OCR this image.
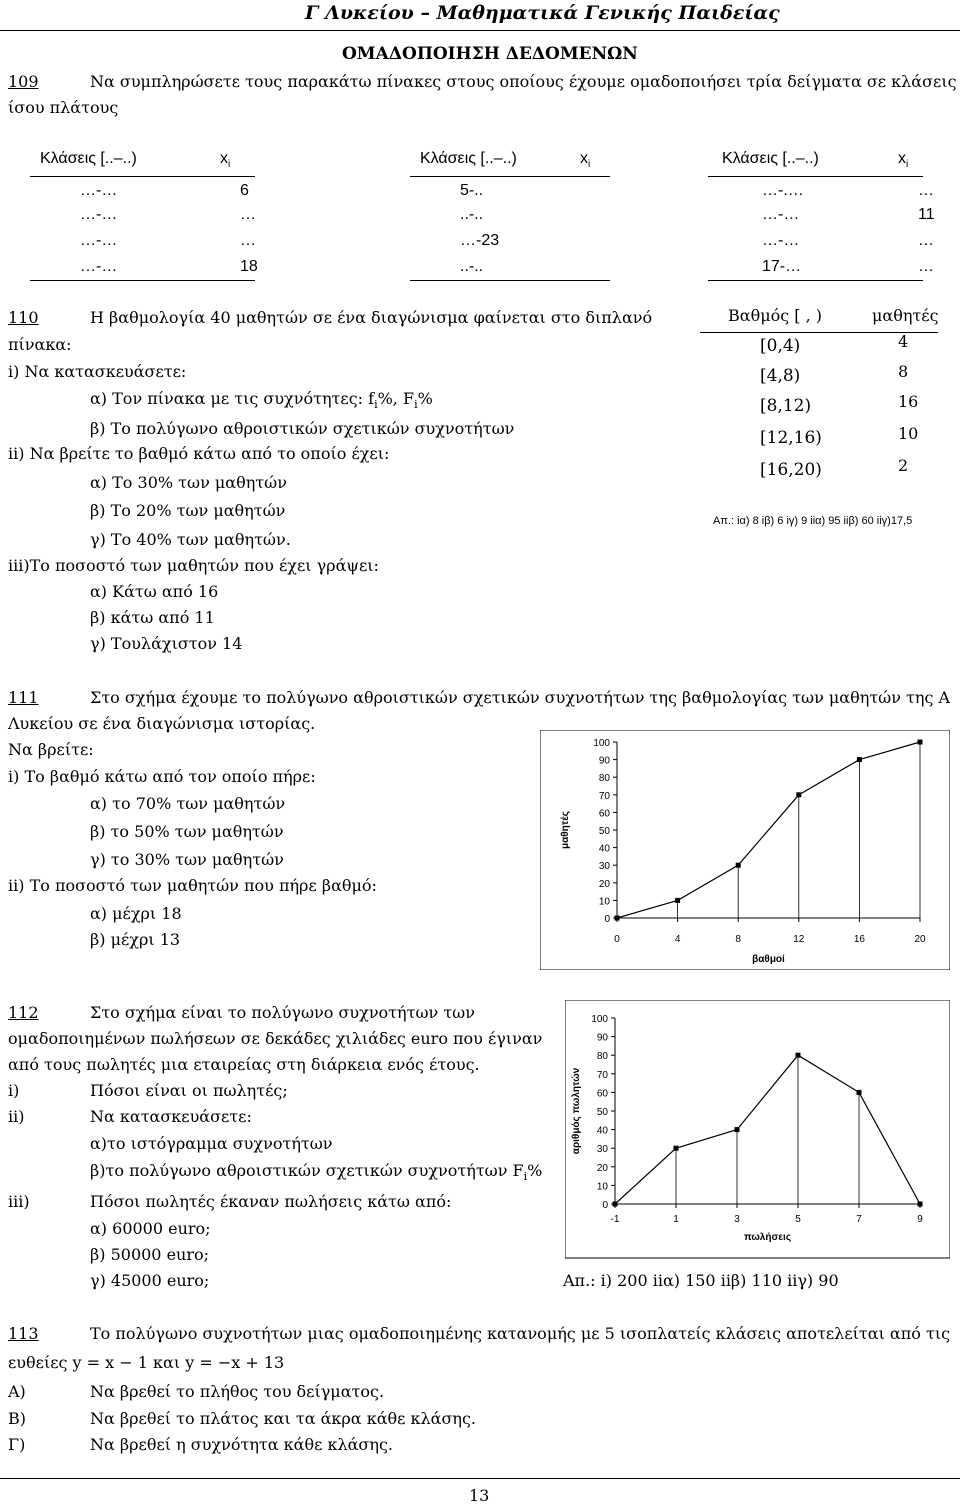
Γ Λυκείου – Μαθηματικά Γενικής Παιδείας
ΟΜΑΔΟΠΟΙΗΣΗ ΔΕΔΟΜΕΝΩΝ
109	Να συμπληρώσετε τους παρακάτω πίνακες στους οποίους έχουμε ομαδοποιήσει τρία δείγματα σε κλάσεις
ίσου πλάτους
Κλάσεις [..–..)	$x_i$
…-…	6
…-…	…
…-…	…
…-…	18
Κλάσεις [..–..)	$x_i$
5-..
..-..
…-23
..-..
Κλάσεις [..–..)	$x_i$
…-.…	…
…-…	11
…-…	…
17-…	…
110	Η βαθμολογία 40 μαθητών σε ένα διαγώνισμα φαίνεται στο διπλανό
πίνακα:
i) Να κατασκευάσετε:
α) Τον πίνακα με τις συχνότητες: $f_i\%$, $F_i\%$
β) Το πολύγωνο αθροιστικών σχετικών συχνοτήτων
ii) Να βρείτε το βαθμό κάτω από το οποίο έχει:
α) Το 30% των μαθητών
β) Το 20% των μαθητών
γ) Το 40% των μαθητών.
iii)Το ποσοστό των μαθητών που έχει γράψει:
α) Κάτω από 16
β) κάτω από 11
γ) Τουλάχιστον 14
Βαθμός [ , )	μαθητές
[0,4)	4
[4,8)	8
[8,12)	16
[12,16)	10
[16,20)	2
Απ.: iα) 8 iβ) 6 iγ) 9 iiα) 95 iiβ) 60 iiγ)17,5
111	Στο σχήμα έχουμε το πολύγωνο αθροιστικών σχετικών συχνοτήτων της βαθμολογίας των μαθητών της Α
Λυκείου σε ένα διαγώνισμα ιστορίας.
Να βρείτε:
i) Το βαθμό κάτω από τον οποίο πήρε:
α) το 70% των μαθητών
β) το 50% των μαθητών
γ) το 30% των μαθητών
ii) Το ποσοστό των μαθητών που πήρε βαθμό:
α) μέχρι 18
β) μέχρι 13
0
10
20
30
40
50
60
70
80
90
100
0	4	8	12	16	20
βαθμοί
μαθητές
112	Στο σχήμα είναι το πολύγωνο συχνοτήτων των
ομαδοποιημένων πωλήσεων σε δεκάδες χιλιάδες euro που έγιναν
από τους πωλητές μια εταιρείας στη διάρκεια ενός έτους.
i)	Πόσοι είναι οι πωλητές;
ii)	Να κατασκευάσετε:
α)το ιστόγραμμα συχνοτήτων
β)το πολύγωνο αθροιστικών σχετικών συχνοτήτων $F_i\%$
iii)	Πόσοι πωλητές έκαναν πωλήσεις κάτω από:
α) 60000 euro;
β) 50000 euro;
γ) 45000 euro;	Απ.: i) 200 iiα) 150 iiβ) 110 iiγ) 90
0
10
20
30
40
50
60
70
80
90
100
-1	1	3	5	7	9
πωλήσεις
αριθμός πωλητών
113	Το πολύγωνο συχνοτήτων μιας ομαδοποιημένης κατανομής με 5 ισοπλατείς κλάσεις αποτελείται από τις
ευθείες y = x − 1 και y = −x + 13
Α)	Να βρεθεί το πλήθος του δείγματος.
Β)	Να βρεθεί το πλάτος και τα άκρα κάθε κλάσης.
Γ)	Να βρεθεί η συχνότητα κάθε κλάσης.
13
